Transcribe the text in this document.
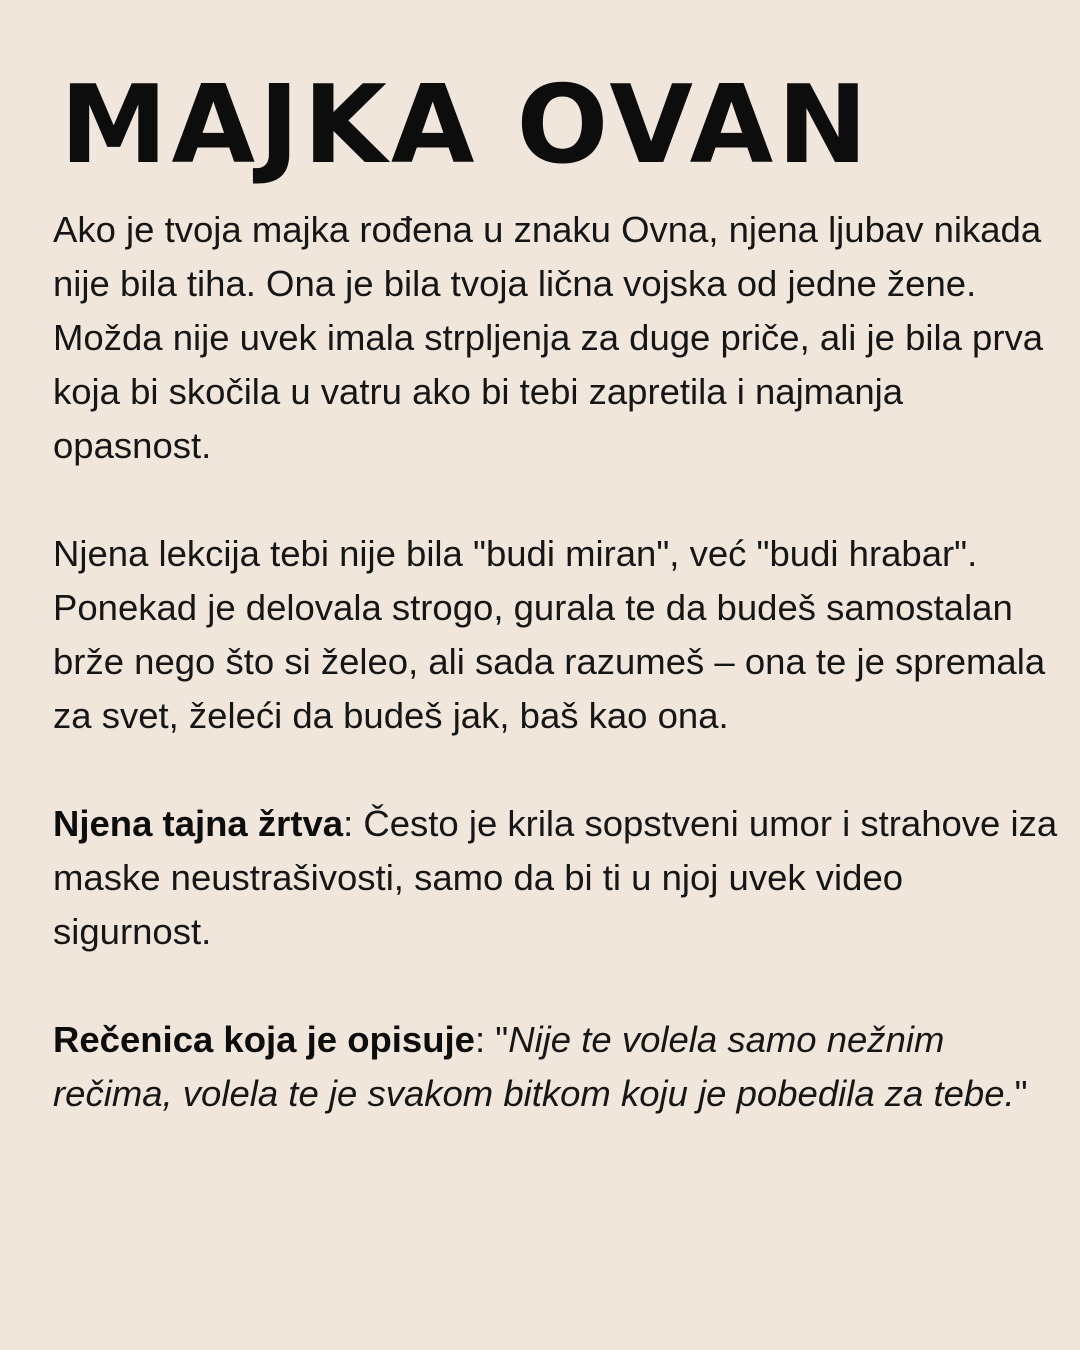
MAJKA OVAN

Ako je tvoja majka rođena u znaku Ovna, njena ljubav nikada nije bila tiha. Ona je bila tvoja lična vojska od jedne žene. Možda nije uvek imala strpljenja za duge priče, ali je bila prva koja bi skočila u vatru ako bi tebi zapretila i najmanja opasnost.

Njena lekcija tebi nije bila "budi miran", već "budi hrabar". Ponekad je delovala strogo, gurala te da budeš samostalan brže nego što si želeo, ali sada razumeš – ona te je spremala za svet, želeći da budeš jak, baš kao ona.

Njena tajna žrtva: Često je krila sopstveni umor i strahove iza maske neustrašivosti, samo da bi ti u njoj uvek video sigurnost.

Rečenica koja je opisuje: "Nije te volela samo nežnim rečima, volela te je svakom bitkom koju je pobedila za tebe."
